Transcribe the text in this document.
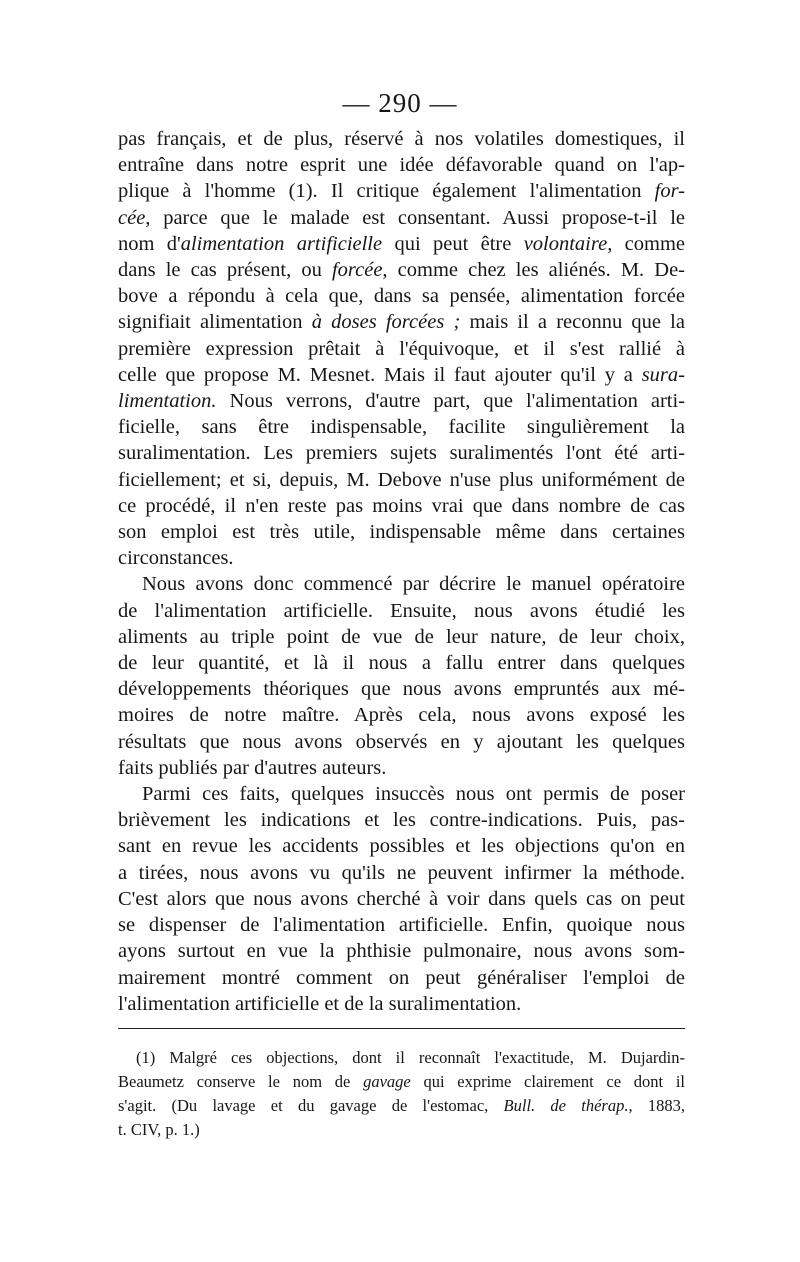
— 290 —
pas français, et de plus, réservé à nos volatiles domestiques, il
entraîne dans notre esprit une idée défavorable quand on l'ap-
plique à l'homme (1). Il critique également l'alimentation for-
cée, parce que le malade est consentant. Aussi propose-t-il le
nom d'alimentation artificielle qui peut être volontaire, comme
dans le cas présent, ou forcée, comme chez les aliénés. M. De-
bove a répondu à cela que, dans sa pensée, alimentation forcée
signifiait alimentation à doses forcées ; mais il a reconnu que la
première expression prêtait à l'équivoque, et il s'est rallié à
celle que propose M. Mesnet. Mais il faut ajouter qu'il y a sura-
limentation. Nous verrons, d'autre part, que l'alimentation arti-
ficielle, sans être indispensable, facilite singulièrement la
suralimentation. Les premiers sujets suralimentés l'ont été arti-
ficiellement; et si, depuis, M. Debove n'use plus uniformément de
ce procédé, il n'en reste pas moins vrai que dans nombre de cas
son emploi est très utile, indispensable même dans certaines
circonstances.
Nous avons donc commencé par décrire le manuel opératoire
de l'alimentation artificielle. Ensuite, nous avons étudié les
aliments au triple point de vue de leur nature, de leur choix,
de leur quantité, et là il nous a fallu entrer dans quelques
développements théoriques que nous avons empruntés aux mé-
moires de notre maître. Après cela, nous avons exposé les
résultats que nous avons observés en y ajoutant les quelques
faits publiés par d'autres auteurs.
Parmi ces faits, quelques insuccès nous ont permis de poser
brièvement les indications et les contre-indications. Puis, pas-
sant en revue les accidents possibles et les objections qu'on en
a tirées, nous avons vu qu'ils ne peuvent infirmer la méthode.
C'est alors que nous avons cherché à voir dans quels cas on peut
se dispenser de l'alimentation artificielle. Enfin, quoique nous
ayons surtout en vue la phthisie pulmonaire, nous avons som-
mairement montré comment on peut généraliser l'emploi de
l'alimentation artificielle et de la suralimentation.
(1) Malgré ces objections, dont il reconnaît l'exactitude, M. Dujardin-
Beaumetz conserve le nom de gavage qui exprime clairement ce dont il
s'agit. (Du lavage et du gavage de l'estomac, Bull. de thérap., 1883,
t. CIV, p. 1.)
